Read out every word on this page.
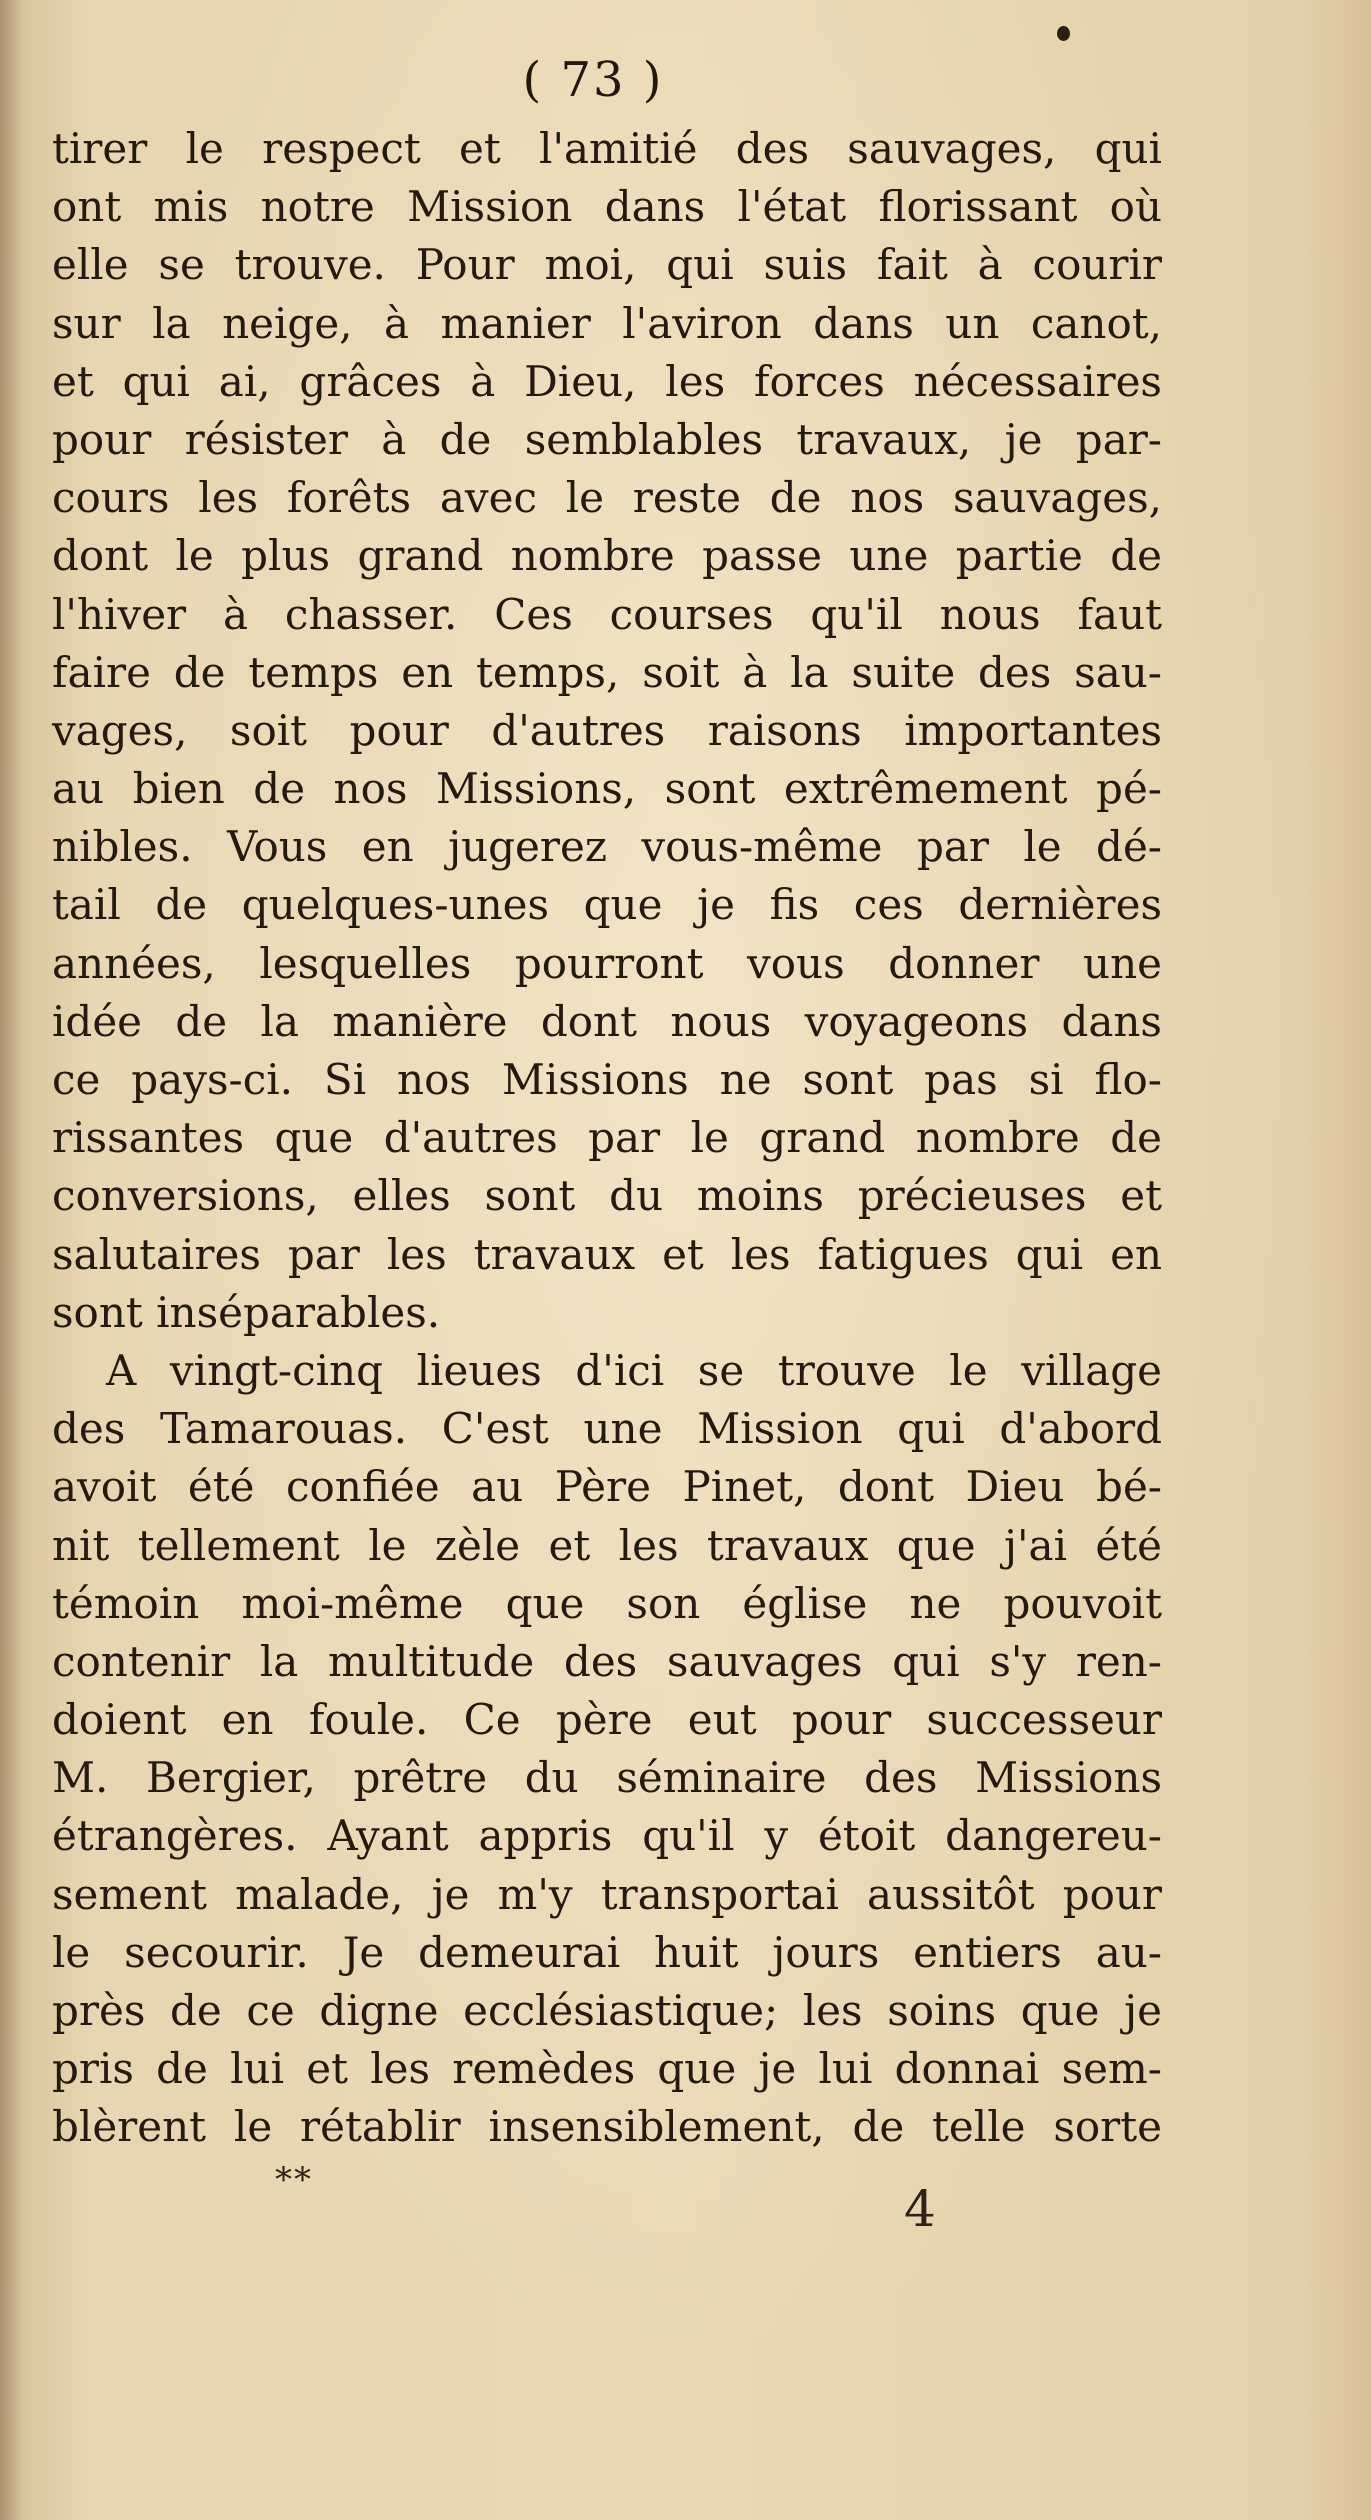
( 73 )
tirer le respect et l'amitié des sauvages, qui
ont mis notre Mission dans l'état florissant où
elle se trouve. Pour moi, qui suis fait à courir
sur la neige, à manier l'aviron dans un canot,
et qui ai, grâces à Dieu, les forces nécessaires
pour résister à de semblables travaux, je par-
cours les forêts avec le reste de nos sauvages,
dont le plus grand nombre passe une partie de
l'hiver à chasser. Ces courses qu'il nous faut
faire de temps en temps, soit à la suite des sau-
vages, soit pour d'autres raisons importantes
au bien de nos Missions, sont extrêmement pé-
nibles. Vous en jugerez vous-même par le dé-
tail de quelques-unes que je fis ces dernières
années, lesquelles pourront vous donner une
idée de la manière dont nous voyageons dans
ce pays-ci. Si nos Missions ne sont pas si flo-
rissantes que d'autres par le grand nombre de
conversions, elles sont du moins précieuses et
salutaires par les travaux et les fatigues qui en
sont inséparables.
A vingt-cinq lieues d'ici se trouve le village
des Tamarouas. C'est une Mission qui d'abord
avoit été confiée au Père Pinet, dont Dieu bé-
nit tellement le zèle et les travaux que j'ai été
témoin moi-même que son église ne pouvoit
contenir la multitude des sauvages qui s'y ren-
doient en foule. Ce père eut pour successeur
M. Bergier, prêtre du séminaire des Missions
étrangères. Ayant appris qu'il y étoit dangereu-
sement malade, je m'y transportai aussitôt pour
le secourir. Je demeurai huit jours entiers au-
près de ce digne ecclésiastique; les soins que je
pris de lui et les remèdes que je lui donnai sem-
blèrent le rétablir insensiblement, de telle sorte
**	4
